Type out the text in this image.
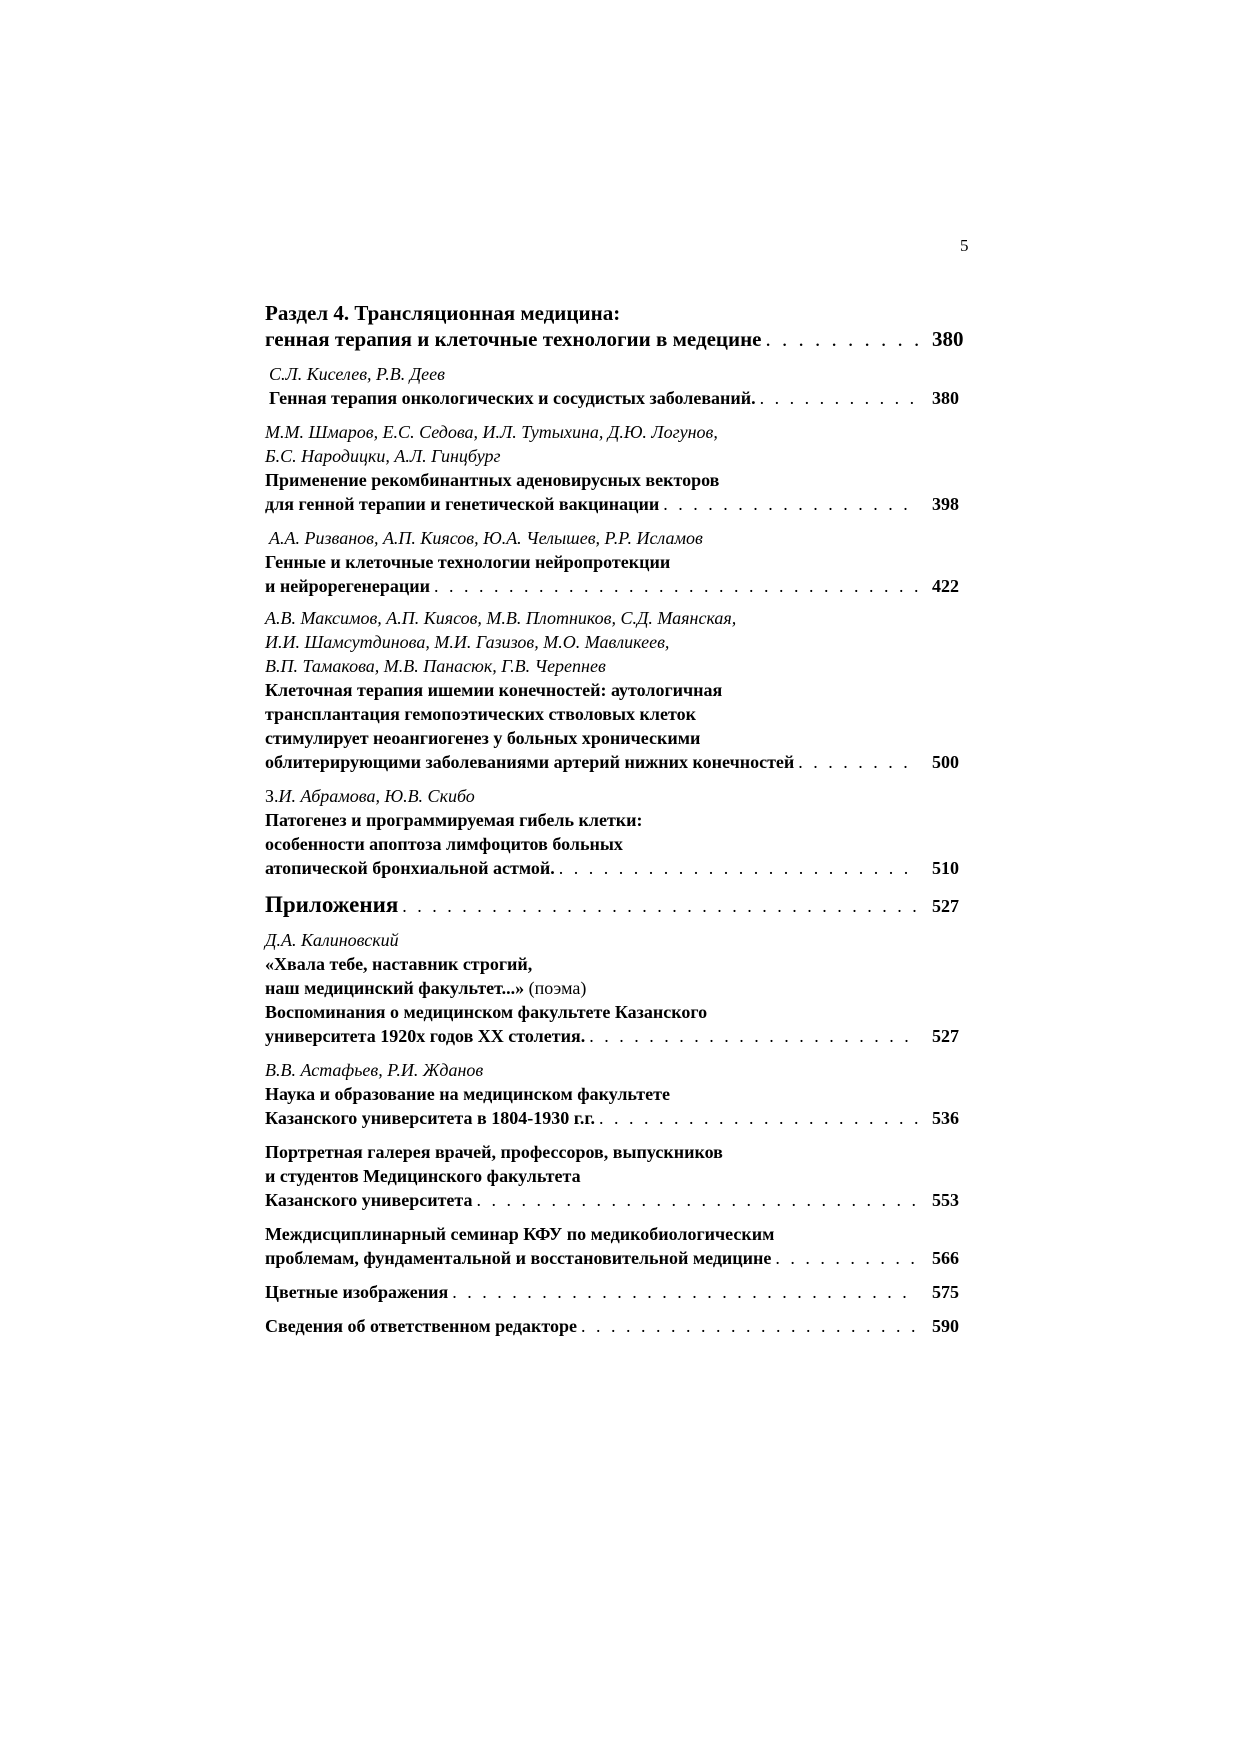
5
Раздел 4. Трансляционная медицина:
генная терапия и клеточные технологии в медецине . . .	380
С.Л. Киселев, Р.В. Деев
Генная терапия онкологических и сосудистых заболеваний. . . .	380
М.М. Шмаров, Е.С. Седова, И.Л. Тутыхина, Д.Ю. Логунов,
Б.С. Народицки, А.Л. Гинцбург
Применение рекомбинантных аденовирусных векторов
для генной терапии и генетической вакцинации . . .	398
А.А. Ризванов, А.П. Киясов, Ю.А. Челышев, Р.Р. Исламов
Генные и клеточные технологии нейропротекции
и нейрорегенерации . . .	422
А.В. Максимов, А.П. Киясов, М.В. Плотников, С.Д. Маянская,
И.И. Шамсутдинова, М.И. Газизов, М.О. Мавликеев,
В.П. Тамакова, М.В. Панасюк, Г.В. Черепнев
Клеточная терапия ишемии конечностей: аутологичная
трансплантация гемопоэтических стволовых клеток
стимулирует неоангиогенез у больных хроническими
облитерирующими заболеваниями артерий нижних конечностей . . .	500
З. И. Абрамова, Ю.В. Скибо
Патогенез и программируемая гибель клетки:
особенности апоптоза лимфоцитов больных
атопической бронхиальной астмой. . . .	510
Приложения . . .	527
Д.А. Калиновский
«Хвала тебе, наставник строгий,
наш медицинский факультет...»
(поэма)
Воспоминания о медицинском факультете Казанского
университета 1920х годов XX столетия. . . .	527
В.В. Астафьев, Р.И. Жданов
Наука и образование на медицинском факультете
Казанского университета в 1804-1930 г.г. . . .	536
Портретная галерея врачей, профессоров, выпускников
и студентов Медицинского факультета
Казанского университета . . .	553
Междисциплинарный семинар КФУ по медикобиологическим
проблемам, фундаментальной и восстановительной медицине . . .	566
Цветные изображения . . .	575
Сведения об ответственном редакторе . . .	590
